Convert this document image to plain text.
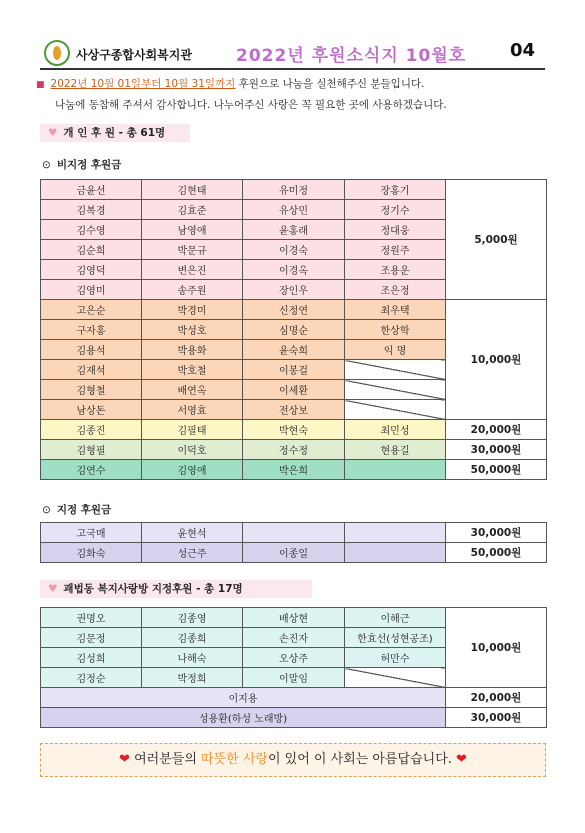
사상구종합사회복지관	2022년 후원소식지 10월호 04
■ 2022년 10월 01일부터 10월 31일까지 후원으로 나눔을 실천해주신 분들입니다.
나눔에 동참해 주셔서 감사합니다. 나누어주신 사랑은 꼭 필요한 곳에 사용하겠습니다.
♥ 개 인 후 원 - 총 61명
⊙ 비지정 후원금
금윤선	김현태	유미정	장홍기	5,000원
김복경	김효준	유상민	정기수	
김수영	남영애	윤홍래	정대웅	
김순희	박문규	이경숙	정원주	
김영덕	변은진	이경옥	조용운	
김영미	송주원	장인우	조은정	
고은순	박경미	신정연	최우택	10,000원
구자홍	박성호	심명순	한상학	
김용석	박용화	윤숙희	익 명	
김재석	박호철	이봉걸		
김형철	배연옥	이세환		
남상돈	서영효	전상보		
김종진	김필태	박현숙	최민성	20,000원
김형필	이덕호	정수정	현용길	30,000원
김연수	김영애	박은희		50,000원
⊙ 지정 후원금
고국매	윤현석			30,000원
김화숙	성근주	이종일		50,000원
♥ 괘법동 복지사랑방 지정후원 - 총 17명
권명오	김종영	배상현	이해근	10,000원
김문정	김종희	손진자	한효선(성현공조)	
김성희	나해숙	오상주	허만수	
김정순	박정희	이말임		
이지용				20,000원
성용환(하성 노래방)				30,000원
❤ 여러분들의 따뜻한 사랑이 있어 이 사회는 아름답습니다. ❤
